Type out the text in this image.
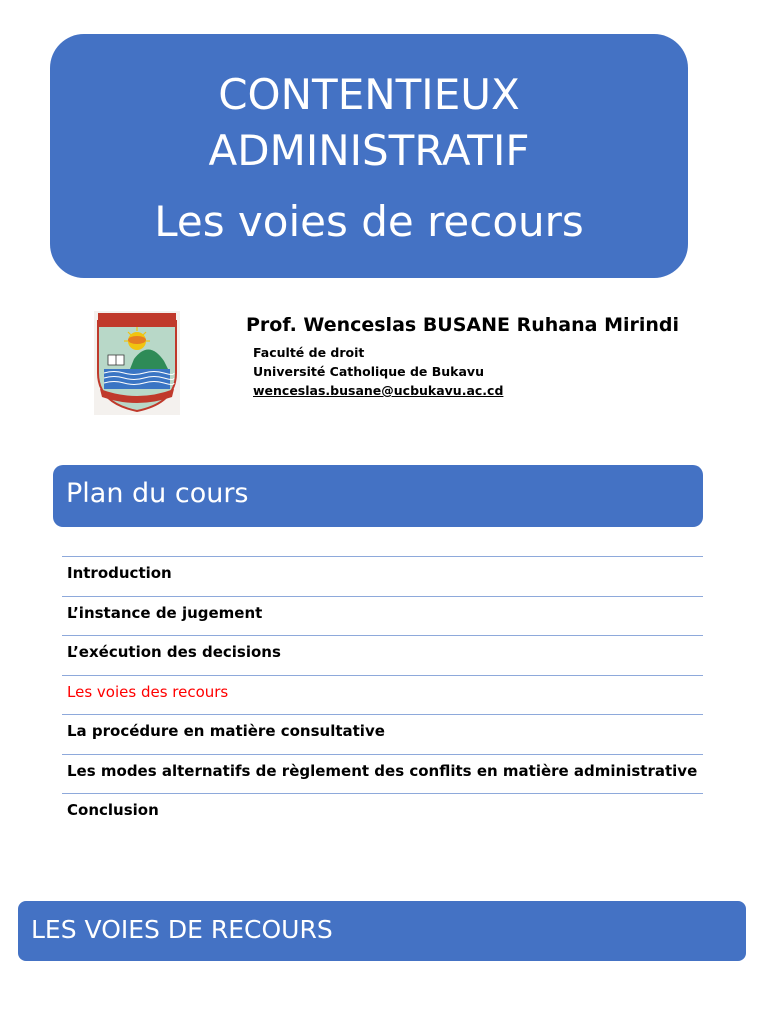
CONTENTIEUX
ADMINISTRATIF
Les voies de recours
Prof. Wenceslas BUSANE Ruhana Mirindi
Faculté de droit
Université Catholique de Bukavu
wenceslas.busane@ucbukavu.ac.cd
Plan du cours
Introduction
L’instance de jugement
L’exécution des decisions
Les voies des recours
La procédure en matière consultative
Les modes alternatifs de règlement des conflits en matière administrative
Conclusion
LES VOIES DE RECOURS
